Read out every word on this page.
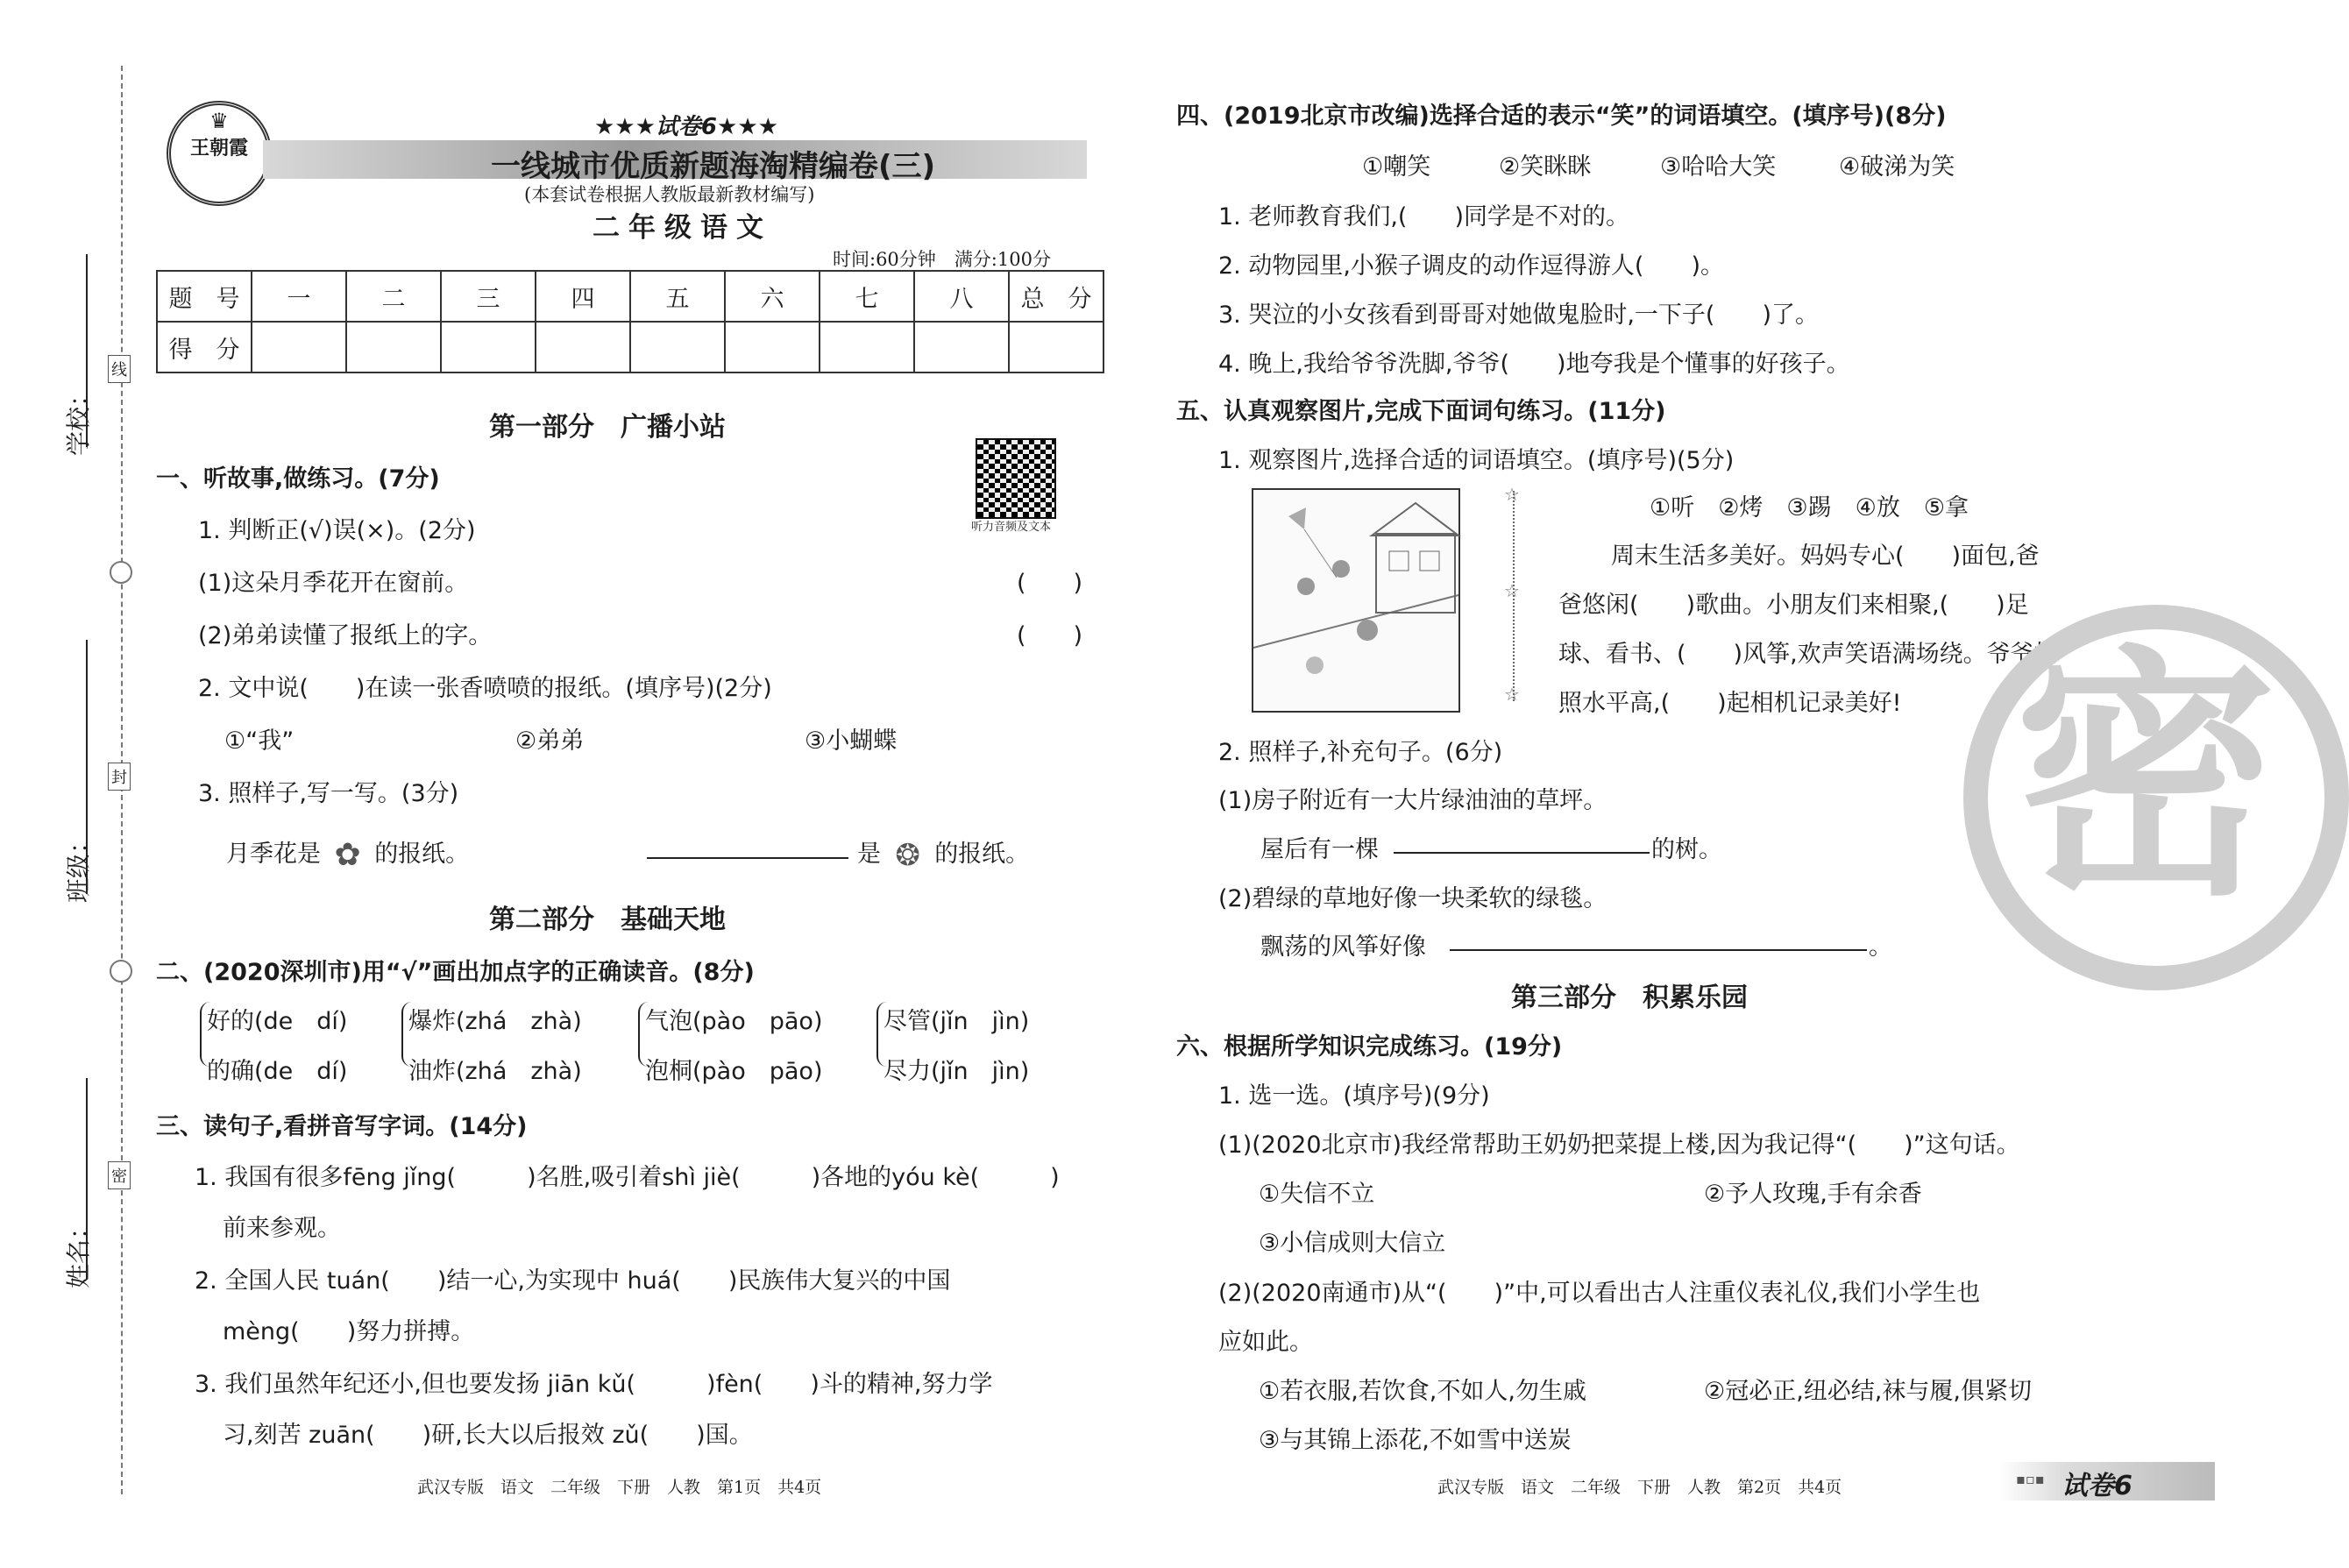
学校：
班级：
姓名：
线
封
密
♛
王朝霞
★★★试卷6★★★
一线城市优质新题海淘精编卷(三)
(本套试卷根据人教版最新教材编写)
二年级语文
时间:60分钟　满分:100分
题　号	一	二	三	四	五	六	七	八	总　分
得　分									
第一部分　广播小站
听力音频及文本
一、听故事,做练习。(7分)
1. 判断正(√)误(×)。(2分)
(1)这朵月季花开在窗前。	(　　)
(2)弟弟读懂了报纸上的字。	(　　)
2. 文中说(　　)在读一张香喷喷的报纸。(填序号)(2分)
①“我”	②弟弟	③小蝴蝶
3. 照样子,写一写。(3分)
月季花是 ✿ 的报纸。	是 ❂ 的报纸。
第二部分　基础天地
二、(2020深圳市)用“√”画出加点字的正确读音。(8分)
好的(de　dí)
的确(de　dí)
爆炸(zhá　zhà)
油炸(zhá　zhà)
气泡(pào　pāo)
泡桐(pào　pāo)
尽管(jǐn　jìn)
尽力(jǐn　jìn)
三、读句子,看拼音写字词。(14分)
1. 我国有很多fēng jǐng(　　　)名胜,吸引着shì jiè(　　　)各地的yóu kè(　　　)
前来参观。
2. 全国人民 tuán(　　)结一心,为实现中 huá(　　)民族伟大复兴的中国
mèng(　　)努力拼搏。
3. 我们虽然年纪还小,但也要发扬 jiān kǔ(　　　)fèn(　　)斗的精神,努力学
习,刻苦 zuān(　　)研,长大以后报效 zǔ(　　)国。
武汉专版　语文　二年级　下册　人教　第1页　共4页
四、(2019北京市改编)选择合适的表示“笑”的词语填空。(填序号)(8分)
①嘲笑	②笑眯眯	③哈哈大笑	④破涕为笑
1. 老师教育我们,(　　)同学是不对的。
2. 动物园里,小猴子调皮的动作逗得游人(　　)。
3. 哭泣的小女孩看到哥哥对她做鬼脸时,一下子(　　)了。
4. 晚上,我给爷爷洗脚,爷爷(　　)地夸我是个懂事的好孩子。
五、认真观察图片,完成下面词句练习。(11分)
1. 观察图片,选择合适的词语填空。(填序号)(5分)
☆
☆
☆
①听　②烤　③踢　④放　⑤拿
周末生活多美好。妈妈专心(　　)面包,爸
爸悠闲(　　)歌曲。小朋友们来相聚,(　　)足
球、看书、(　　)风筝,欢声笑语满场绕。爷爷拍
照水平高,(　　)起相机记录美好!
2. 照样子,补充句子。(6分)
(1)房子附近有一大片绿油油的草坪。
屋后有一棵	的树。
(2)碧绿的草地好像一块柔软的绿毯。
飘荡的风筝好像	。
第三部分　积累乐园
六、根据所学知识完成练习。(19分)
1. 选一选。(填序号)(9分)
(1)(2020北京市)我经常帮助王奶奶把菜提上楼,因为我记得“(　　)”这句话。
①失信不立	②予人玫瑰,手有余香
③小信成则大信立
(2)(2020南通市)从“(　　)”中,可以看出古人注重仪表礼仪,我们小学生也
应如此。
①若衣服,若饮食,不如人,勿生戚	②冠必正,纽必结,袜与履,俱紧切
③与其锦上添花,不如雪中送炭
武汉专版　语文　二年级　下册　人教　第2页　共4页
密
▪▫▪ 试卷6
